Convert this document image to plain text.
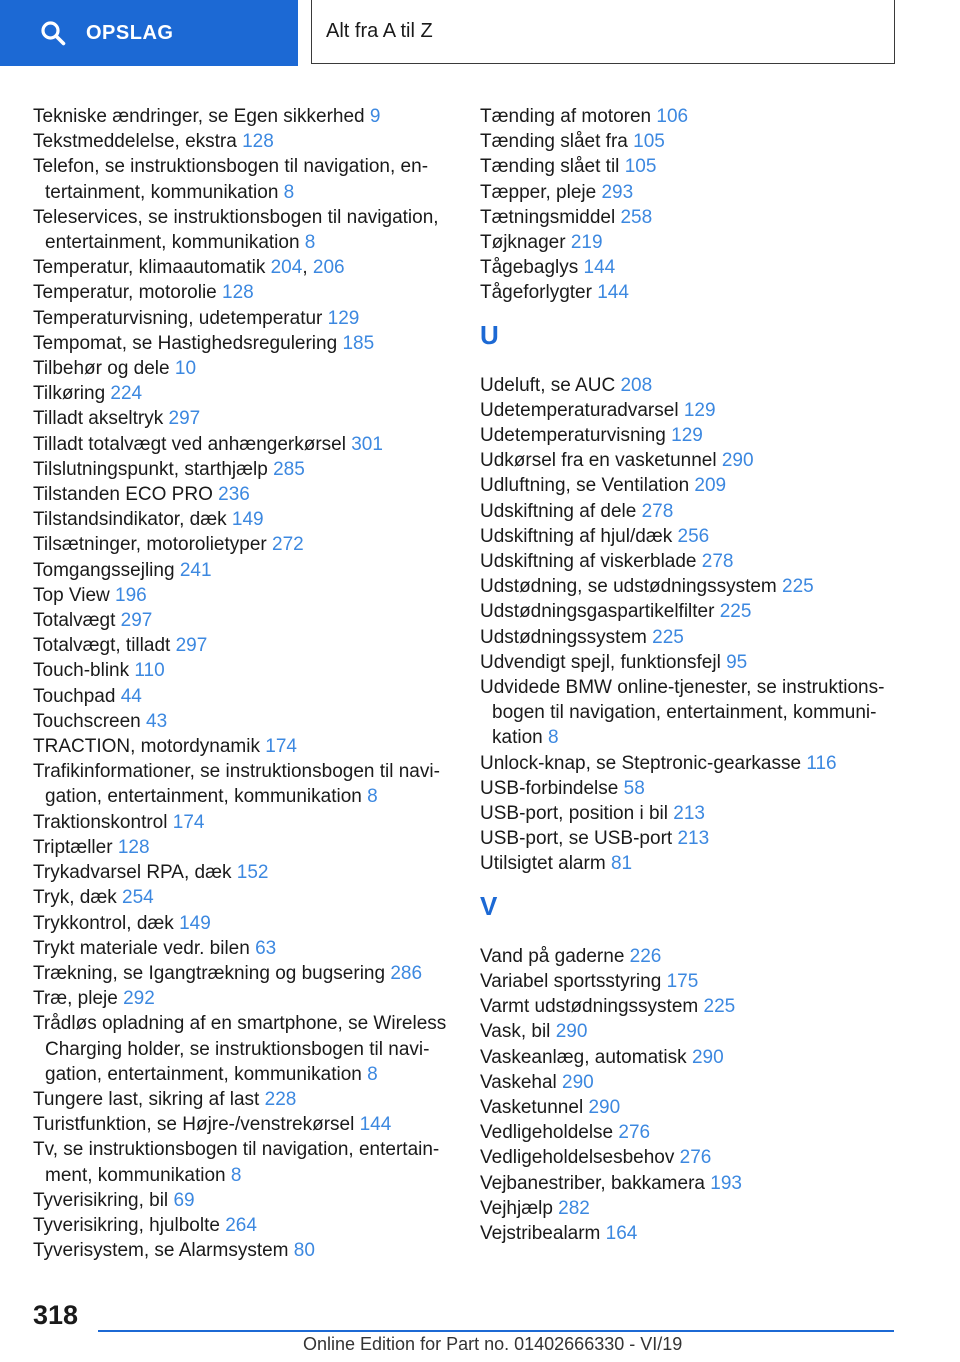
OPSLAG	Alt fra A til Z
Tekniske ændringer, se Egen sikkerhed 9
Tekstmeddelelse, ekstra 128
Telefon, se instruktionsbogen til navigation, en-
tertainment, kommunikation 8
Teleservices, se instruktionsbogen til navigation,
entertainment, kommunikation 8
Temperatur, klimaautomatik 204, 206
Temperatur, motorolie 128
Temperaturvisning, udetemperatur 129
Tempomat, se Hastighedsregulering 185
Tilbehør og dele 10
Tilkøring 224
Tilladt akseltryk 297
Tilladt totalvægt ved anhængerkørsel 301
Tilslutningspunkt, starthjælp 285
Tilstanden ECO PRO 236
Tilstandsindikator, dæk 149
Tilsætninger, motorolietyper 272
Tomgangssejling 241
Top View 196
Totalvægt 297
Totalvægt, tilladt 297
Touch-blink 110
Touchpad 44
Touchscreen 43
TRACTION, motordynamik 174
Trafikinformationer, se instruktionsbogen til navi-
gation, entertainment, kommunikation 8
Traktionskontrol 174
Triptæller 128
Trykadvarsel RPA, dæk 152
Tryk, dæk 254
Trykkontrol, dæk 149
Trykt materiale vedr. bilen 63
Trækning, se Igangtrækning og bugsering 286
Træ, pleje 292
Trådløs opladning af en smartphone, se Wireless
Charging holder, se instruktionsbogen til navi-
gation, entertainment, kommunikation 8
Tungere last, sikring af last 228
Turistfunktion, se Højre-/venstrekørsel 144
Tv, se instruktionsbogen til navigation, entertain-
ment, kommunikation 8
Tyverisikring, bil 69
Tyverisikring, hjulbolte 264
Tyverisystem, se Alarmsystem 80
Tænding af motoren 106
Tænding slået fra 105
Tænding slået til 105
Tæpper, pleje 293
Tætningsmiddel 258
Tøjknager 219
Tågebaglys 144
Tågeforlygter 144
U
Udeluft, se AUC 208
Udetemperaturadvarsel 129
Udetemperaturvisning 129
Udkørsel fra en vasketunnel 290
Udluftning, se Ventilation 209
Udskiftning af dele 278
Udskiftning af hjul/dæk 256
Udskiftning af viskerblade 278
Udstødning, se udstødningssystem 225
Udstødningsgaspartikelfilter 225
Udstødningssystem 225
Udvendigt spejl, funktionsfejl 95
Udvidede BMW online-tjenester, se instruktions-
bogen til navigation, entertainment, kommuni-
kation 8
Unlock-knap, se Steptronic-gearkasse 116
USB-forbindelse 58
USB-port, position i bil 213
USB-port, se USB-port 213
Utilsigtet alarm 81
V
Vand på gaderne 226
Variabel sportsstyring 175
Varmt udstødningssystem 225
Vask, bil 290
Vaskeanlæg, automatisk 290
Vaskehal 290
Vasketunnel 290
Vedligeholdelse 276
Vedligeholdelsesbehov 276
Vejbanestriber, bakkamera 193
Vejhjælp 282
Vejstribealarm 164
318
Online Edition for Part no. 01402666330 - VI/19
